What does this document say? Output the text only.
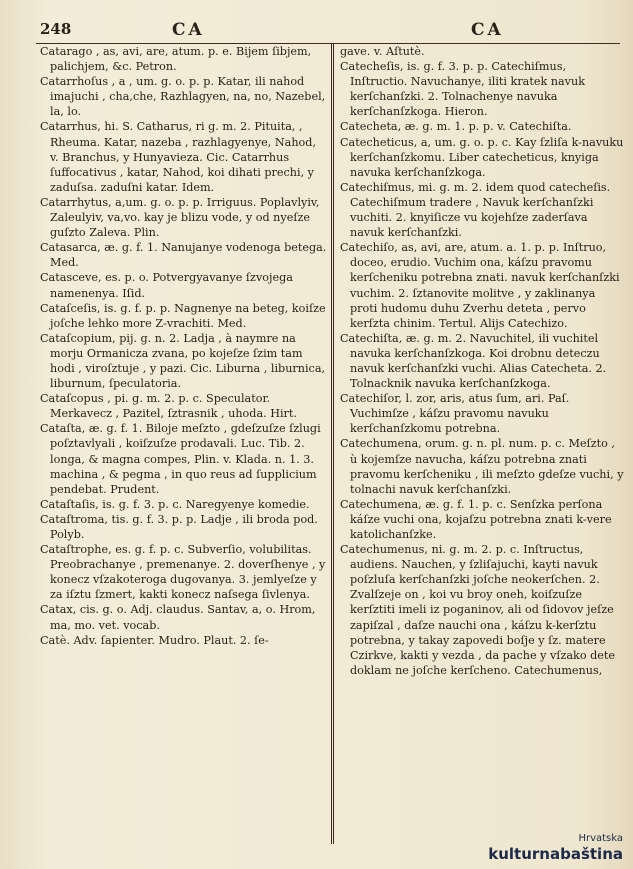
248	CA	CA
Catarago , as, avi, are, atum. p. e. Bijem ſibjem, palichjem, &c. Petron.
Catarrhoſus , a , um. g. o. p. p. Katar, ili nahod imajuchi , cha,che, Razhlagyen, na, no, Nazebel, la, lo.
Catarrhus, hi. S. Catharus, ri g. m. 2. Pituita, , Rheuma. Katar, nazeba , razhlagyenye, Nahod, v. Branchus, y Hunyavieza. Cic. Catarrhus ſuffocativus , katar, Nahod, koi dihati prechi, y zaduſsa. zaduſni katar. Idem.
Catarrhytus, a,um. g. o. p. p. Irriguus. Poplavlyiv, Zaleulyiv, va,vo. kay je blizu vode, y od nyeſze guſzto Zaleva. Plin.
Catasarca, æ. g. f. 1. Nanujanye vodenoga betega. Med.
Catasceve, es. p. o. Potvergyavanye ſzvojega namenenya. Iſid.
Cataſceſis, is. g. f. p. p. Nagnenye na beteg, koiſze joſche lehko more Z-vrachiti. Med.
Cataſcopium, pij. g. n. 2. Ladja , à naymre na morju Ormanicza zvana, po kojeſze ſzim tam hodi , viroſztuje , y pazi. Cic. Liburna , liburnica, liburnum, ſpeculatoria.
Cataſcopus , pi. g. m. 2. p. c. Speculator. Merkavecz , Pazitel, ſztrasnik , uhoda. Hirt.
Cataſta, æ. g. f. 1. Biloje meſzto , gdeſzuſze ſzlugi poſztavlyali , koiſzuſze prodavali. Luc. Tib. 2. longa, & magna compes, Plin. v. Klada. n. 1. 3. machina , & pegma , in quo reus ad ſupplicium pendebat. Prudent.
Cataſtaſis, is. g. f. 3. p. c. Naregyenye komedie.
Cataſtroma, tis. g. f. 3. p. p. Ladje , ili broda pod. Polyb.
Cataſtrophe, es. g. f. p. c. Subverſio, volubilitas. Preobrachanye , premenanye. 2. doverſhenye , y konecz vſzakoteroga dugovanya. 3. jemlyeſze y za iſztu ſzmert, kakti konecz naſsega ſivlenya.
Catax, cis. g. o. Adj. claudus. Santav, a, o. Hrom, ma, mo. vet. vocab.
Catè. Adv. ſapienter. Mudro. Plaut. 2. ſe-
gave. v. Aſtutè.
Catecheſis, is. g. f. 3. p. p. Catechiſmus, Inſtructio. Navuchanye, iliti kratek navuk kerſchanſzki. 2. Tolnachenye navuka kerſchanſzkoga. Hieron.
Catecheta, æ. g. m. 1. p. p. v. Catechiſta.
Catecheticus, a, um. g. o. p. c. Kay ſzliſa k-navuku kerſchanſzkomu. Liber catecheticus, knyiga navuka kerſchanſzkoga.
Catechiſmus, mi. g. m. 2. idem quod catecheſis. Catechiſmum tradere , Navuk kerſchanſzki vuchiti. 2. knyiſicze vu kojehſze zaderſava navuk kerſchanſzki.
Catechiſo, as, avi, are, atum. a. 1. p. p. Inſtruo, doceo, erudio. Vuchim ona, káſzu pravomu kerſcheniku potrebna znati. navuk kerſchanſzki vuchim. 2. ſztanovite molitve , y zaklinanya proti hudomu duhu Zverhu deteta , pervo kerſzta chinim. Tertul. Alijs Catechizo.
Catechiſta, æ. g. m. 2. Navuchitel, ili vuchitel navuka kerſchanſzkoga. Koi drobnu deteczu navuk kerſchanſzki vuchi. Alias Catecheta. 2. Tolnacknik navuka kerſchanſzkoga.
Catechiſor, l. zor, aris, atus ſum, ari. Paſ. Vuchimſze , káſzu pravomu navuku kerſchanſzkomu potrebna.
Catechumena, orum. g. n. pl. num. p. c. Meſzto , ù kojemſze navucha, káſzu potrebna znati pravomu kerſcheniku , ili meſzto gdeſze vuchi, y tolnachi navuk kerſchanſzki.
Catechumena, æ. g. f. 1. p. c. Senſzka perſona káſze vuchi ona, kojaſzu potrebna znati k-vere katolichanſzke.
Catechumenus, ni. g. m. 2. p. c. Inſtructus, audiens. Nauchen, y ſzliſajuchi, kayti navuk poſzluſa kerſchanſzki joſche neokerſchen. 2. Zvalſzeje on , koi vu broy oneh, koiſzuſze kerſztiti imeli iz poganinov, ali od ſidovov jeſze zapiſzal , daſze nauchi ona , káſzu k-kerſztu potrebna, y takay zapovedi boſje y ſz. matere Czirkve, kakti y vezda , da pache y vſzako dete doklam ne joſche kerſcheno. Catechumenus,
Hrvatska
kulturnabaština
